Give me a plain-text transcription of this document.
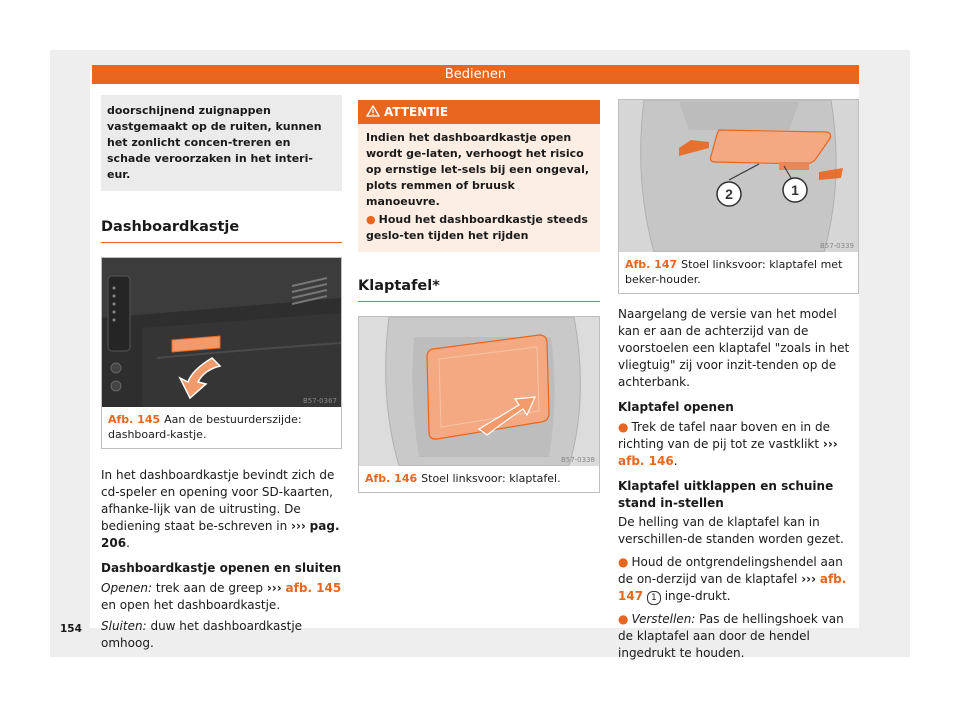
Bedienen
doorschijnend zuignappen vastgemaakt op de ruiten, kunnen het zonlicht concen-treren en schade veroorzaken in het interi-eur.
Dashboardkastje
B57-0367
Afb. 145 Aan de bestuurderszijde: dashboard-kastje.

In het dashboardkastje bevindt zich de cd-speler en opening voor SD-kaarten, afhanke-lijk van de uitrusting. De bediening staat be-schreven in ››› pag. 206.

Dashboardkastje openen en sluiten

Openen: trek aan de greep ››› afb. 145 en open het dashboardkastje.

Sluiten: duw het dashboardkastje omhoog.

ATTENTIE
Indien het dashboardkastje open wordt ge-laten, verhoogt het risico op ernstige let-sels bij een ongeval, plots remmen of bruusk manoeuvre.
● Houd het dashboardkastje steeds geslo-ten tijden het rijden
Klaptafel*
B57-0338
Afb. 146 Stoel linksvoor: klaptafel.
2	1
B57-0339
Afb. 147 Stoel linksvoor: klaptafel met beker-houder.

Naargelang de versie van het model kan er aan de achterzijd van de voorstoelen een klaptafel "zoals in het vliegtuig" zij voor inzit-tenden op de achterbank.

Klaptafel openen

● Trek de tafel naar boven en in de richting van de pij tot ze vastklikt ››› afb. 146.

Klaptafel uitklappen en schuine stand in-stellen

De helling van de klaptafel kan in verschillen-de standen worden gezet.

● Houd de ontgrendelingshendel aan de on-derzijd van de klaptafel ››› afb. 147 1 inge-drukt.

● Verstellen: Pas de hellingshoek van de klaptafel aan door de hendel ingedrukt te houden.

154
